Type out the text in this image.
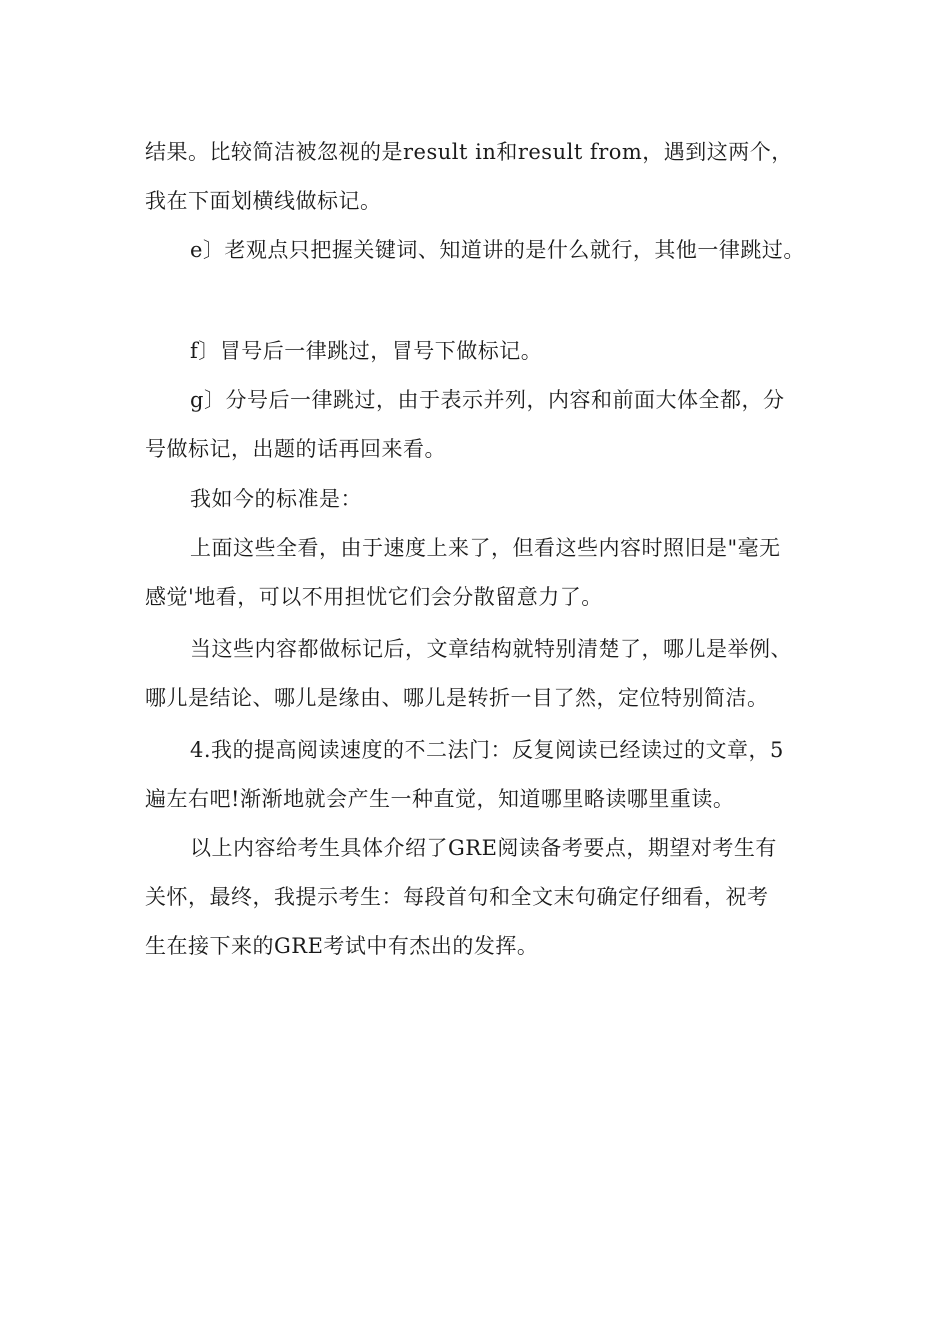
结果。比较简洁被忽视的是result in和result from，遇到这两个，
我在下面划横线做标记。
e〕老观点只把握关键词、知道讲的是什么就行，其他一律跳过。
f〕冒号后一律跳过，冒号下做标记。
g〕分号后一律跳过，由于表示并列，内容和前面大体全都，分
号做标记，出题的话再回来看。
我如今的标准是：
上面这些全看，由于速度上来了，但看这些内容时照旧是"毫无
感觉'地看，可以不用担忧它们会分散留意力了。
当这些内容都做标记后，文章结构就特别清楚了，哪儿是举例、
哪儿是结论、哪儿是缘由、哪儿是转折一目了然，定位特别简洁。
4.我的提高阅读速度的不二法门：反复阅读已经读过的文章，5
遍左右吧!渐渐地就会产生一种直觉，知道哪里略读哪里重读。
以上内容给考生具体介绍了GRE阅读备考要点，期望对考生有
关怀，最终，我提示考生：每段首句和全文末句确定仔细看，祝考
生在接下来的GRE考试中有杰出的发挥。
